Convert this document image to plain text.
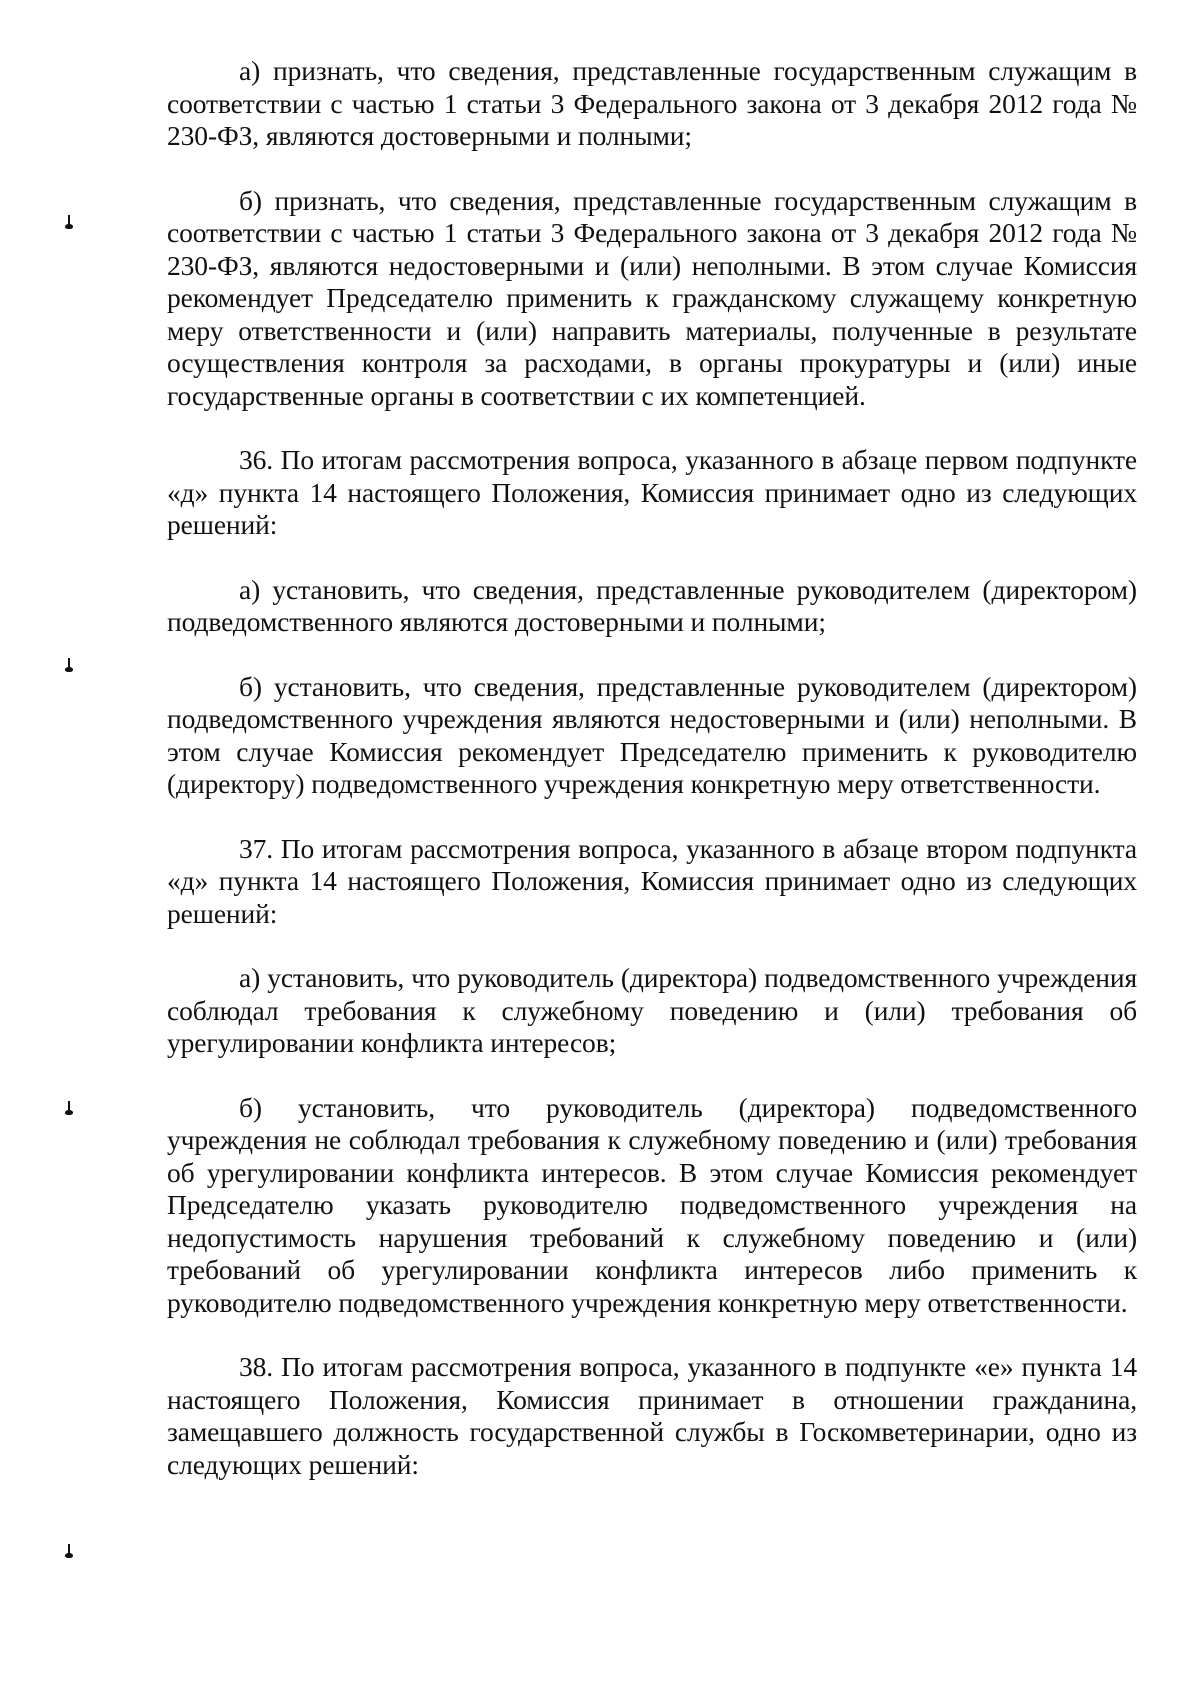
а) признать, что сведения, представленные государственным служащим в соответствии с частью 1 статьи 3 Федерального закона от 3 декабря 2012 года № 230-ФЗ, являются достоверными и полными;

б) признать, что сведения, представленные государственным служащим в соответствии с частью 1 статьи 3 Федерального закона от 3 декабря 2012 года № 230-ФЗ, являются недостоверными и (или) неполными. В этом случае Комиссия рекомендует Председателю применить к гражданскому служащему конкретную меру ответственности и (или) направить материалы, полученные в результате осуществления контроля за расходами, в органы прокуратуры и (или) иные государственные органы в соответствии с их компетенцией.

36. По итогам рассмотрения вопроса, указанного в абзаце первом подпункте «д» пункта 14 настоящего Положения, Комиссия принимает одно из следующих решений:

а) установить, что сведения, представленные руководителем (директором) подведомственного являются достоверными и полными;

б) установить, что сведения, представленные руководителем (директором) подведомственного учреждения являются недостоверными и (или) неполными. В этом случае Комиссия рекомендует Председателю применить к руководителю (директору) подведомственного учреждения конкретную меру ответственности.

37. По итогам рассмотрения вопроса, указанного в абзаце втором подпункта «д» пункта 14 настоящего Положения, Комиссия принимает одно из следующих решений:

а) установить, что руководитель (директора) подведомственного учреждения соблюдал требования к служебному поведению и (или) требования об урегулировании конфликта интересов;

б) установить, что руководитель (директора) подведомственного учреждения не соблюдал требования к служебному поведению и (или) требования об урегулировании конфликта интересов. В этом случае Комиссия рекомендует Председателю указать руководителю подведомственного учреждения на недопустимость нарушения требований к служебному поведению и (или) требований об урегулировании конфликта интересов либо применить к руководителю подведомственного учреждения конкретную меру ответственности.

38. По итогам рассмотрения вопроса, указанного в подпункте «е» пункта 14 настоящего Положения, Комиссия принимает в отношении гражданина, замещавшего должность государственной службы в Госкомветеринарии, одно из следующих решений:
